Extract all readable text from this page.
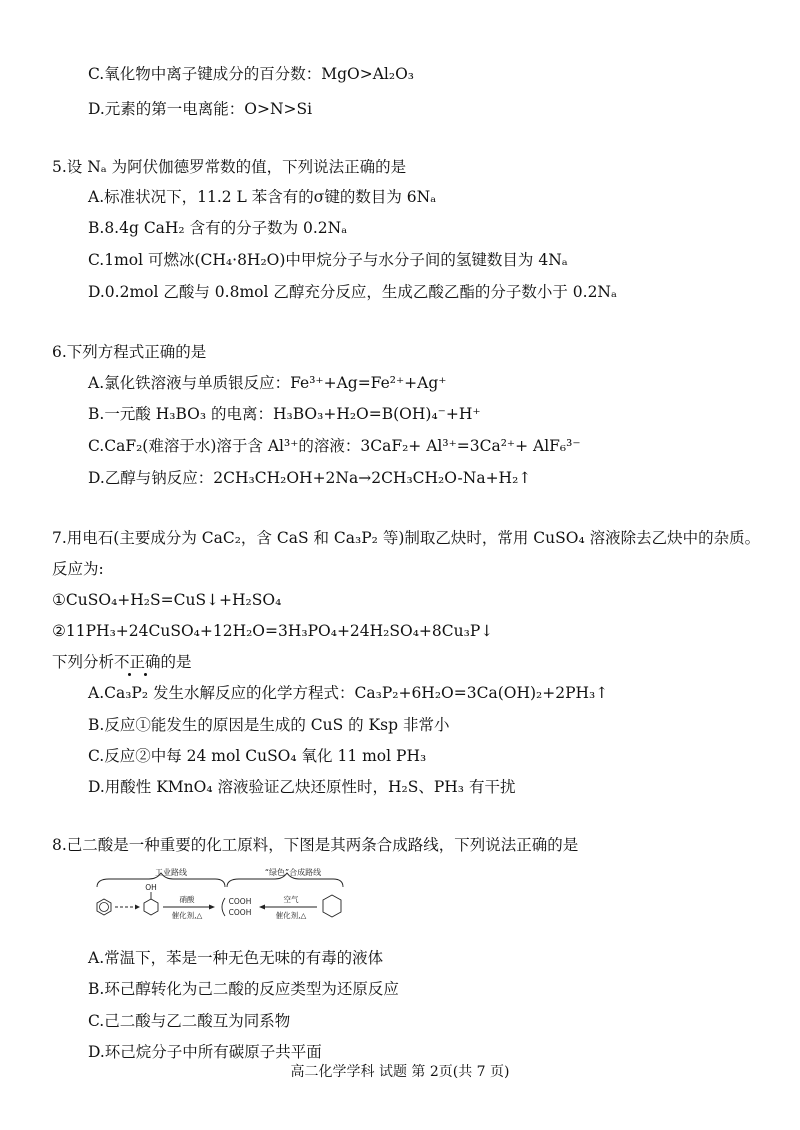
C.氧化物中离子键成分的百分数：MgO>Al₂O₃
D.元素的第一电离能：O>N>Si
5.设 Nₐ 为阿伏伽德罗常数的值，下列说法正确的是
A.标准状况下，11.2 L 苯含有的σ键的数目为 6Nₐ
B.8.4g CaH₂ 含有的分子数为 0.2Nₐ
C.1mol 可燃冰(CH₄·8H₂O)中甲烷分子与水分子间的氢键数目为 4Nₐ
D.0.2mol 乙酸与 0.8mol 乙醇充分反应，生成乙酸乙酯的分子数小于 0.2Nₐ
6.下列方程式正确的是
A.氯化铁溶液与单质银反应：Fe³⁺+Ag=Fe²⁺+Ag⁺
B.一元酸 H₃BO₃ 的电离：H₃BO₃+H₂O=B(OH)₄⁻+H⁺
C.CaF₂(难溶于水)溶于含 Al³⁺的溶液：3CaF₂+ Al³⁺=3Ca²⁺+ AlF₆³⁻
D.乙醇与钠反应：2CH₃CH₂OH+2Na→2CH₃CH₂O-Na+H₂↑
7.用电石(主要成分为 CaC₂，含 CaS 和 Ca₃P₂ 等)制取乙炔时，常用 CuSO₄ 溶液除去乙炔中的杂质。
反应为:
①CuSO₄+H₂S=CuS↓+H₂SO₄
②11PH₃+24CuSO₄+12H₂O=3H₃PO₄+24H₂SO₄+8Cu₃P↓
下列分析不正确的是
A.Ca₃P₂ 发生水解反应的化学方程式：Ca₃P₂+6H₂O=3Ca(OH)₂+2PH₃↑
B.反应①能发生的原因是生成的 CuS 的 Ksp 非常小
C.反应②中每 24 mol CuSO₄ 氧化 11 mol PH₃
D.用酸性 KMnO₄ 溶液验证乙炔还原性时，H₂S、PH₃ 有干扰
8.己二酸是一种重要的化工原料，下图是其两条合成路线，下列说法正确的是
工业路线	“绿色”合成路线
OH
硝酸
催化剂,△
COOH
COOH
空气
催化剂,△
A.常温下，苯是一种无色无味的有毒的液体
B.环己醇转化为己二酸的反应类型为还原反应
C.己二酸与乙二酸互为同系物
D.环己烷分子中所有碳原子共平面
高二化学学科 试题 第 2页(共 7 页)
